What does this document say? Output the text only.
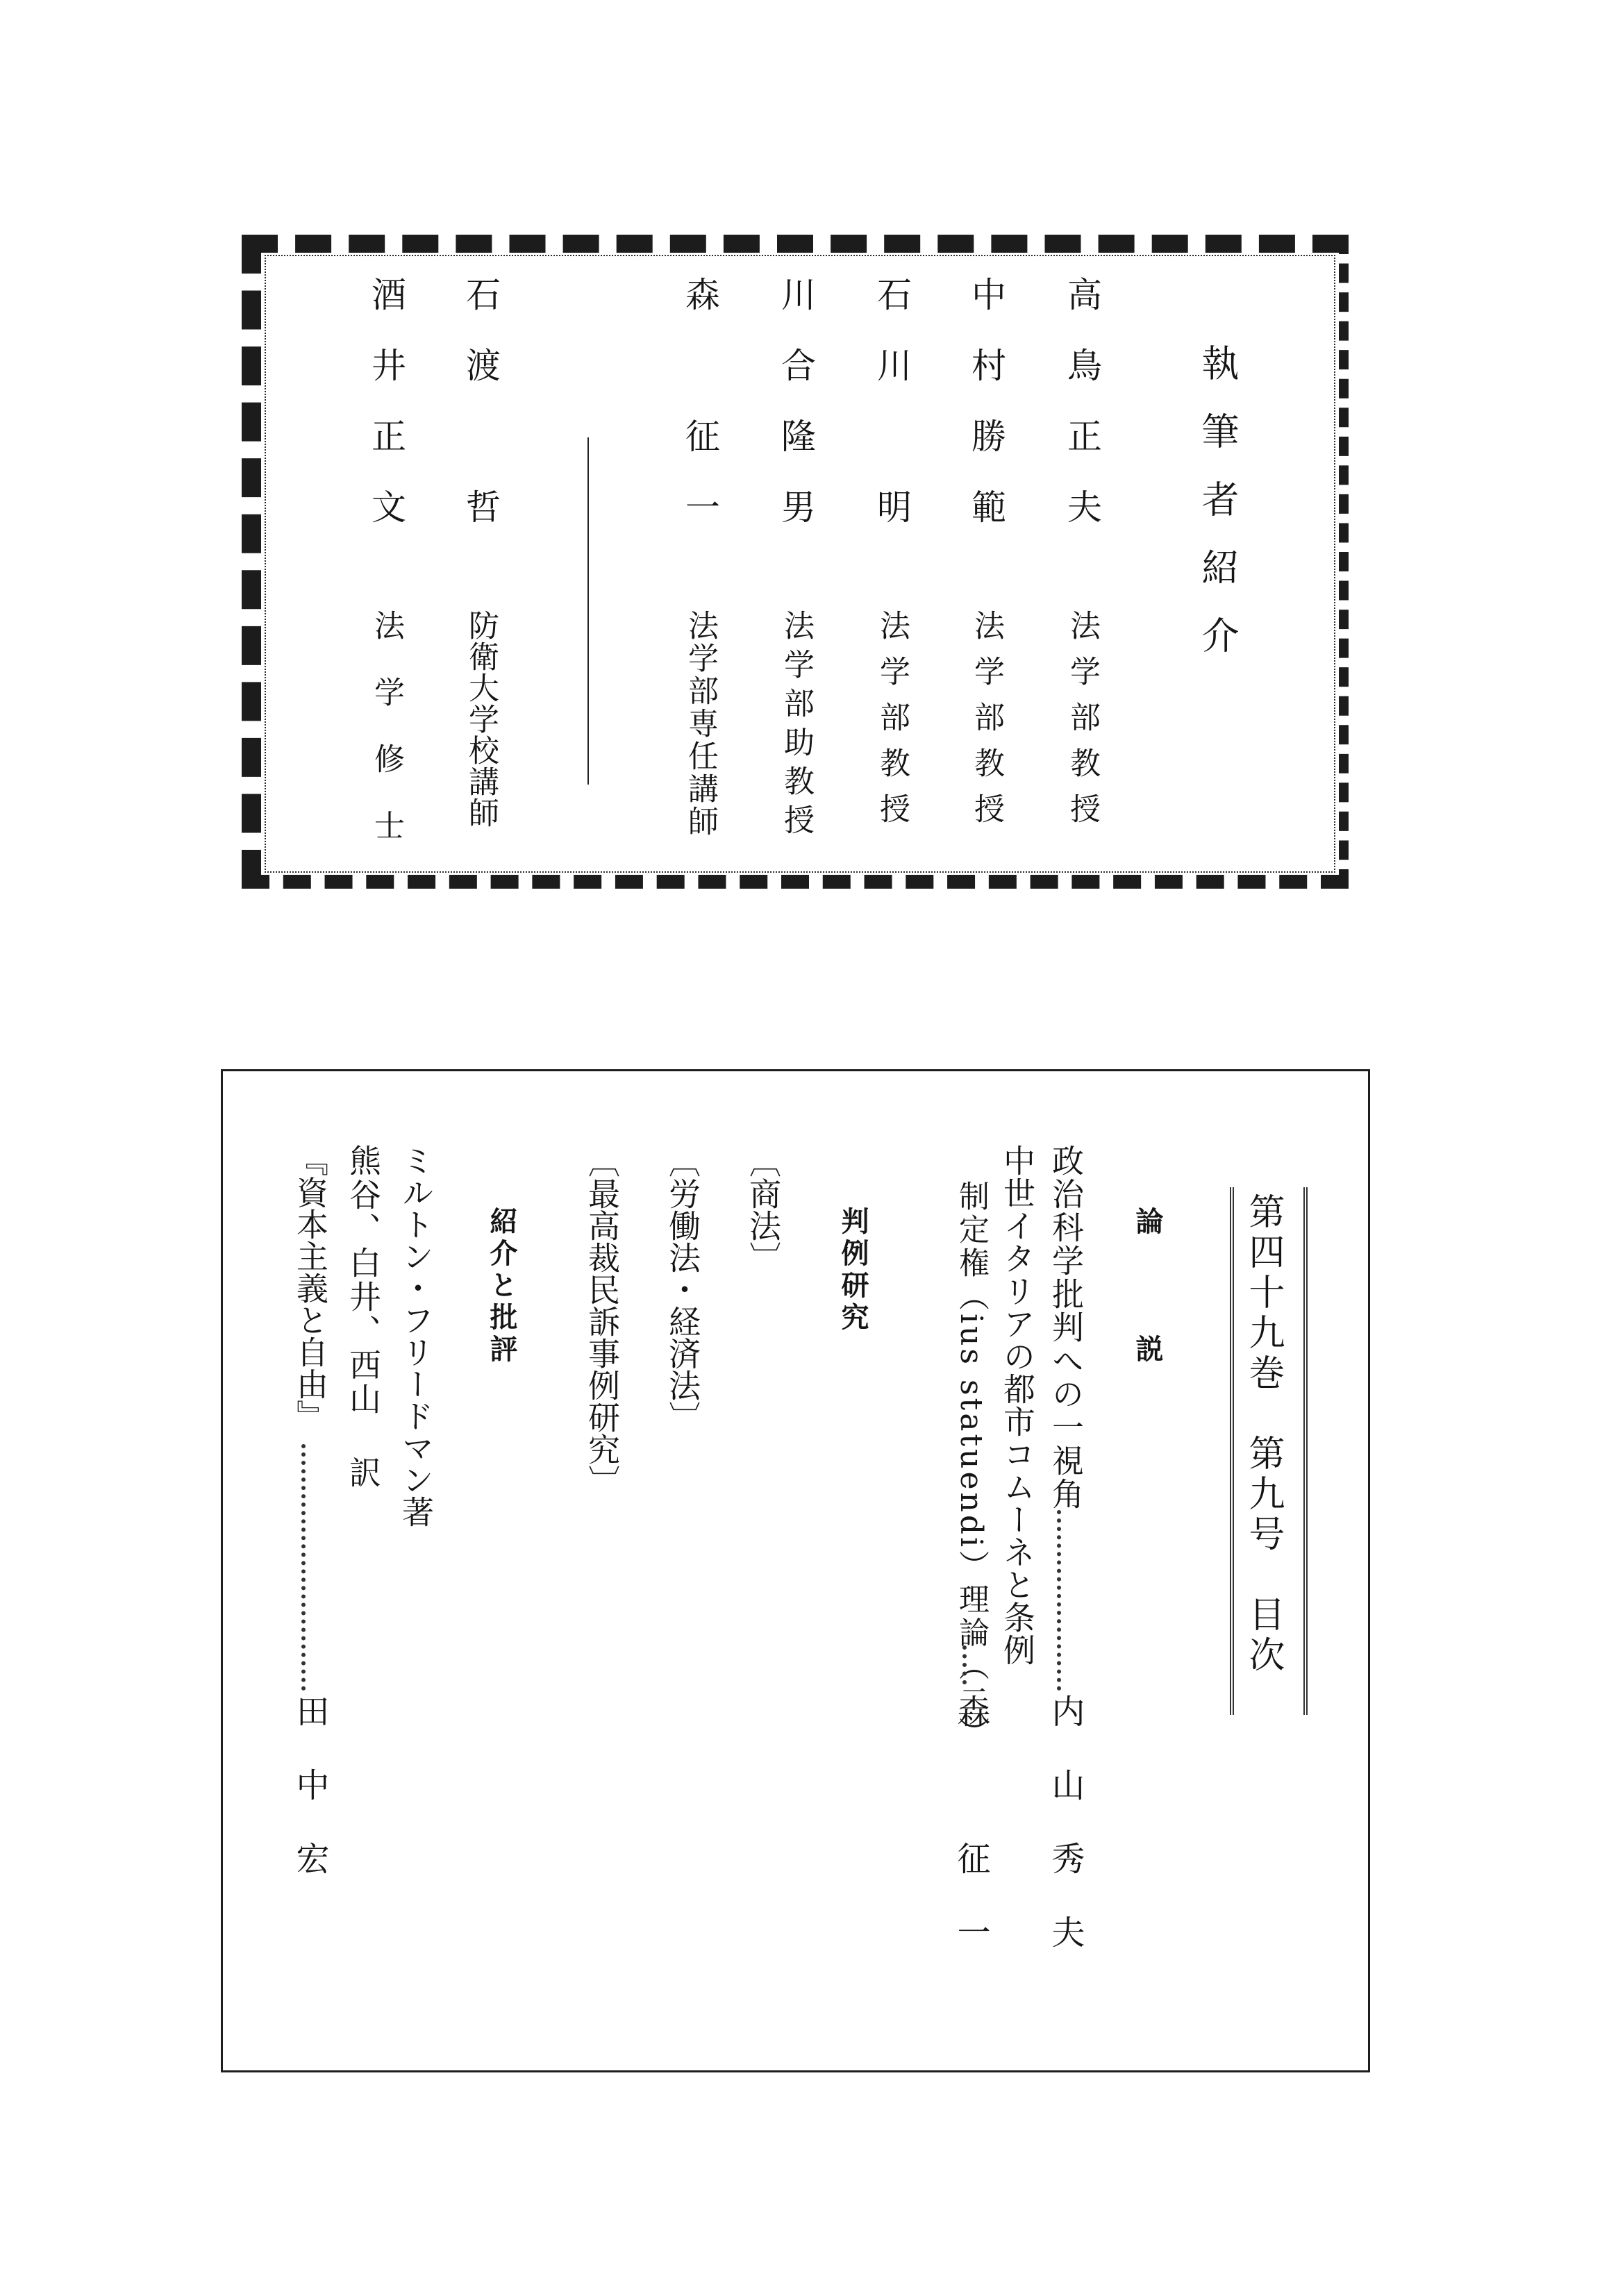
執筆者紹介
高鳥正夫
法学部教授
中村勝範
法学部教授
石川　明
法学部教授
川合隆男
法学部助教授
森　征一
法学部専任講師
石渡　哲
防衛大学校講師
酒井正文
法学修士
第四十九巻　第九号　目次
論　説
政治科学批判への一視角
内山秀夫
中世イタリアの都市コムーネと条例
制定権（ius statuendi）理論（二）
森　征一
判例研究
〔商法〕
〔労働法・経済法〕
〔最高裁民訴事例研究〕
紹介と批評
ミルトン・フリードマン著
熊谷、白井、西山 訳
『資本主義と自由』
田中宏
